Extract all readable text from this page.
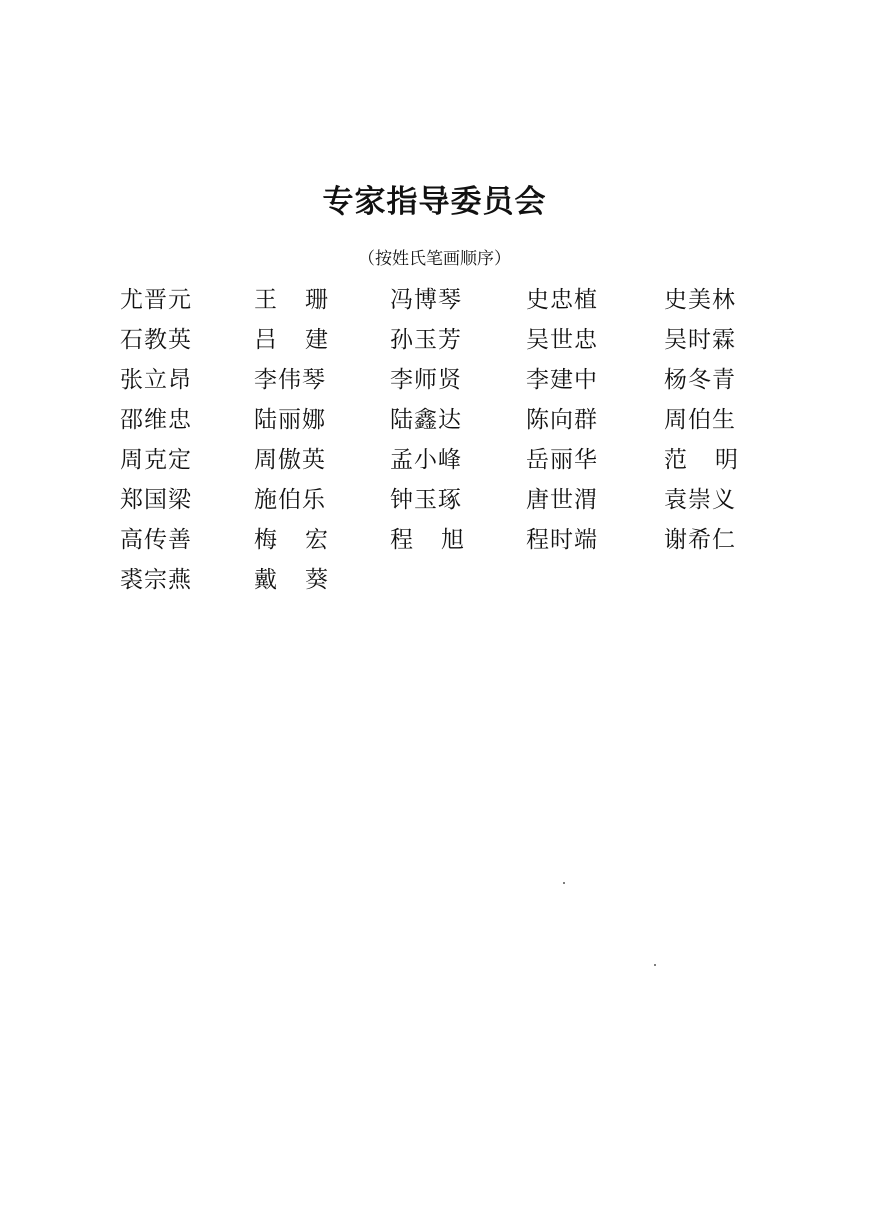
专家指导委员会

（按姓氏笔画顺序）

尤晋元	王 珊	冯博琴	史忠植	史美林
石教英	吕 建	孙玉芳	吴世忠	吴时霖
张立昂	李伟琴	李师贤	李建中	杨冬青
邵维忠	陆丽娜	陆鑫达	陈向群	周伯生
周克定	周傲英	孟小峰	岳丽华	范 明
郑国梁	施伯乐	钟玉琢	唐世渭	袁崇义
高传善	梅 宏	程 旭	程时端	谢希仁
裘宗燕	戴 葵
